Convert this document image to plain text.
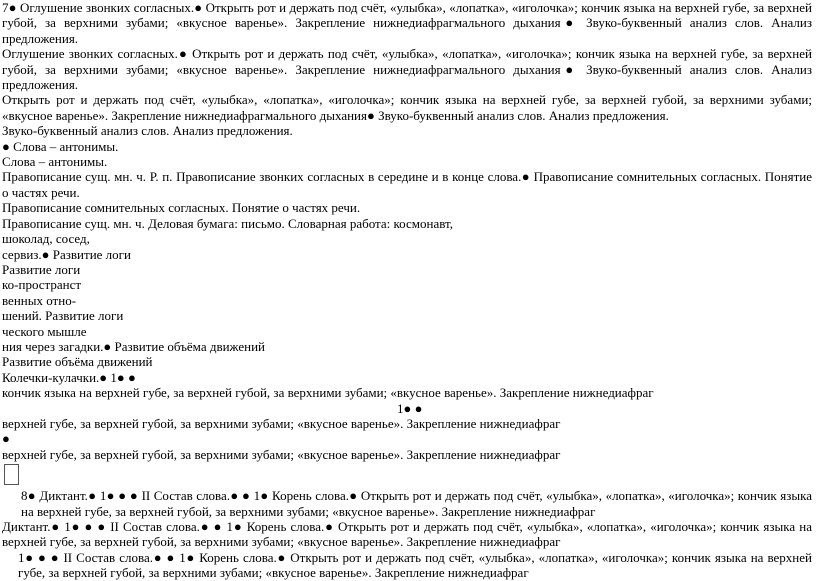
7● Оглушение звонких согласных.● Открыть рот и держать под счёт, «улыбка», «лопатка», «иголочка»; кончик языка на верхней губе, за верхней губой, за верхними зубами; «вкусное варенье». Закрепление нижнедиафрагмального дыхания● Звуко-буквенный анализ слов. Анализ предложения.
Оглушение звонких согласных.● Открыть рот и держать под счёт, «улыбка», «лопатка», «иголочка»; кончик языка на верхней губе, за верхней губой, за верхними зубами; «вкусное варенье». Закрепление нижнедиафрагмального дыхания● Звуко-буквенный анализ слов. Анализ предложения.
Открыть рот и держать под счёт, «улыбка», «лопатка», «иголочка»; кончик языка на верхней губе, за верхней губой, за верхними зубами; «вкусное варенье». Закрепление нижнедиафрагмального дыхания● Звуко-буквенный анализ слов. Анализ предложения.
Звуко-буквенный анализ слов. Анализ предложения.
● Слова – антонимы.
Слова – антонимы.
Правописание сущ. мн. ч. Р. п. Правописание звонких согласных в середине и в конце слова.● Правописание сомнительных согласных. Понятие о частях речи.
Правописание сомнительных согласных. Понятие о частях речи.
Правописание сущ. мн. ч. Деловая бумага: письмо. Словарная работа: космонавт,
шоколад, сосед,
сервиз.● Развитие логи
Развитие логи
ко-пространст
венных отно-
шений. Развитие логи
ческого мышле
ния через загадки.● Развитие объёма движений
Развитие объёма движений
Колечки-кулачки.● 1● ●
кончик языка на верхней губе, за верхней губой, за верхними зубами; «вкусное варенье». Закрепление нижнедиафраг
1● ●
верхней губе, за верхней губой, за верхними зубами; «вкусное варенье». Закрепление нижнедиафраг
●
верхней губе, за верхней губой, за верхними зубами; «вкусное варенье». Закрепление нижнедиафраг
8● Диктант.● 1● ● ● II Состав слова.● ● 1● Корень слова.● Открыть рот и держать под счёт, «улыбка», «лопатка», «иголочка»; кончик языка на верхней губе, за верхней губой, за верхними зубами; «вкусное варенье». Закрепление нижнедиафраг
Диктант.● 1● ● ● II Состав слова.● ● 1● Корень слова.● Открыть рот и держать под счёт, «улыбка», «лопатка», «иголочка»; кончик языка на верхней губе, за верхней губой, за верхними зубами; «вкусное варенье». Закрепление нижнедиафраг
1● ● ● II Состав слова.● ● 1● Корень слова.● Открыть рот и держать под счёт, «улыбка», «лопатка», «иголочка»; кончик языка на верхней губе, за верхней губой, за верхними зубами; «вкусное варенье». Закрепление нижнедиафраг
